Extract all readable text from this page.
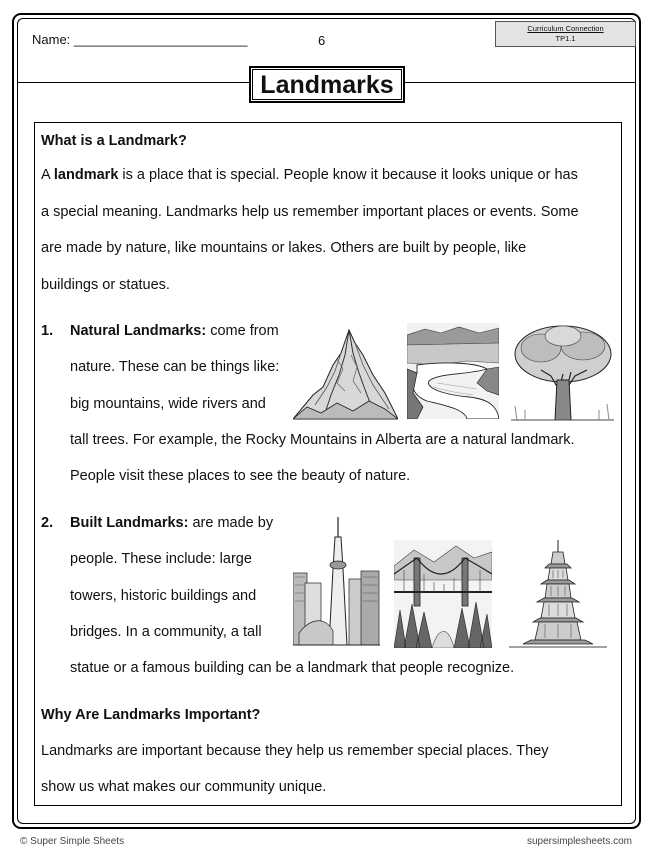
Name: ________________________	6
Curriculum Connection
TP1.1
Landmarks
What is a Landmark?
A landmark is a place that is special. People know it because it looks unique or has
a special meaning. Landmarks help us remember important places or events. Some
are made by nature, like mountains or lakes. Others are built by people, like
buildings or statues.
1. Natural Landmarks: come from
nature. These can be things like:
big mountains, wide rivers and
tall trees. For example, the Rocky Mountains in Alberta are a natural landmark.
People visit these places to see the beauty of nature.
2. Built Landmarks: are made by
people. These include: large
towers, historic buildings and
bridges. In a community, a tall
statue or a famous building can be a landmark that people recognize.
Why Are Landmarks Important?
Landmarks are important because they help us remember special places. They
show us what makes our community unique.
© Super Simple Sheets	supersimplesheets.com
